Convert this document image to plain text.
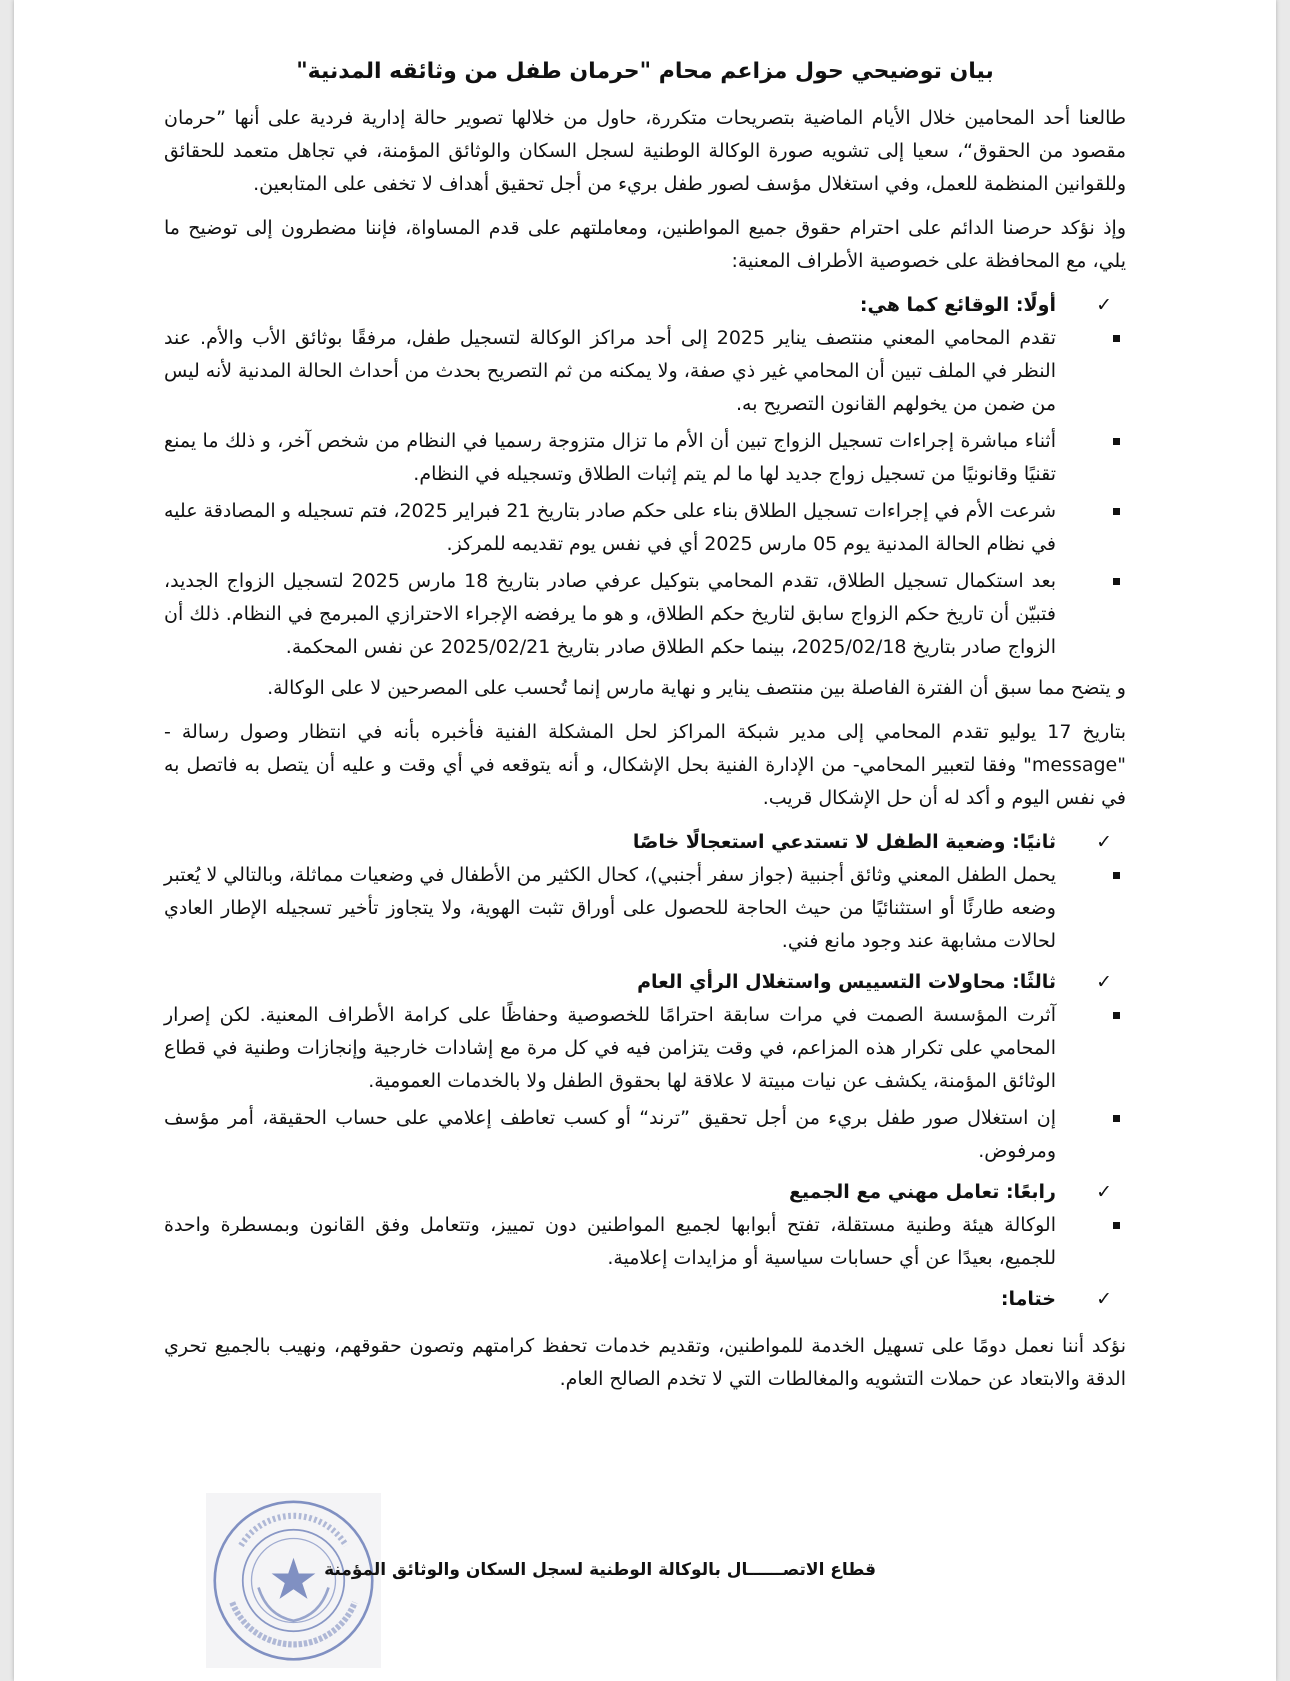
بيان توضيحي حول مزاعم محام "حرمان طفل من وثائقه المدنية"

طالعنا أحد المحامين خلال الأيام الماضية بتصريحات متكررة، حاول من خلالها تصوير حالة إدارية فردية على أنها ”حرمان مقصود من الحقوق“، سعيا إلى تشويه صورة الوكالة الوطنية لسجل السكان والوثائق المؤمنة، في تجاهل متعمد للحقائق وللقوانين المنظمة للعمل، وفي استغلال مؤسف لصور طفل بريء من أجل تحقيق أهداف لا تخفى على المتابعين.

وإذ نؤكد حرصنا الدائم على احترام حقوق جميع المواطنين، ومعاملتهم على قدم المساواة، فإننا مضطرون إلى توضيح ما يلي، مع المحافظة على خصوصية الأطراف المعنية:

✓
أولًا: الوقائع كما هي:
تقدم المحامي المعني منتصف يناير 2025 إلى أحد مراكز الوكالة لتسجيل طفل، مرفقًا بوثائق الأب والأم. عند النظر في الملف تبين أن المحامي غير ذي صفة، ولا يمكنه من ثم التصريح بحدث من أحداث الحالة المدنية لأنه ليس من ضمن من يخولهم القانون التصريح به.
أثناء مباشرة إجراءات تسجيل الزواج تبين أن الأم ما تزال متزوجة رسميا في النظام من شخص آخر، و ذلك ما يمنع تقنيًا وقانونيًا من تسجيل زواج جديد لها ما لم يتم إثبات الطلاق وتسجيله في النظام.
شرعت الأم في إجراءات تسجيل الطلاق بناء على حكم صادر بتاريخ 21 فبراير 2025، فتم تسجيله و المصادقة عليه في نظام الحالة المدنية يوم 05 مارس 2025 أي في نفس يوم تقديمه للمركز.
بعد استكمال تسجيل الطلاق، تقدم المحامي بتوكيل عرفي صادر بتاريخ 18 مارس 2025 لتسجيل الزواج الجديد، فتبيّن أن تاريخ حكم الزواج سابق لتاريخ حكم الطلاق، و هو ما يرفضه الإجراء الاحترازي المبرمج في النظام. ذلك أن الزواج صادر بتاريخ 2025/02/18، بينما حكم الطلاق صادر بتاريخ 2025/02/21 عن نفس المحكمة.

و يتضح مما سبق أن الفترة الفاصلة بين منتصف يناير و نهاية مارس إنما تُحسب على المصرحين لا على الوكالة.

بتاريخ 17 يوليو تقدم المحامي إلى مدير شبكة المراكز لحل المشكلة الفنية فأخبره بأنه في انتظار وصول رسالة - "message" وفقا لتعبير المحامي- من الإدارة الفنية بحل الإشكال، و أنه يتوقعه في أي وقت و عليه أن يتصل به فاتصل به في نفس اليوم و أكد له أن حل الإشكال قريب.

✓
ثانيًا: وضعية الطفل لا تستدعي استعجالًا خاصًا
يحمل الطفل المعني وثائق أجنبية (جواز سفر أجنبي)، كحال الكثير من الأطفال في وضعيات مماثلة، وبالتالي لا يُعتبر وضعه طارئًا أو استثنائيًا من حيث الحاجة للحصول على أوراق تثبت الهوية، ولا يتجاوز تأخير تسجيله الإطار العادي لحالات مشابهة عند وجود مانع فني.
✓
ثالثًا: محاولات التسييس واستغلال الرأي العام
آثرت المؤسسة الصمت في مرات سابقة احترامًا للخصوصية وحفاظًا على كرامة الأطراف المعنية. لكن إصرار المحامي على تكرار هذه المزاعم، في وقت يتزامن فيه في كل مرة مع إشادات خارجية وإنجازات وطنية في قطاع الوثائق المؤمنة، يكشف عن نيات مبيتة لا علاقة لها بحقوق الطفل ولا بالخدمات العمومية.
إن استغلال صور طفل بريء من أجل تحقيق ”ترند“ أو كسب تعاطف إعلامي على حساب الحقيقة، أمر مؤسف ومرفوض.
✓
رابعًا: تعامل مهني مع الجميع
الوكالة هيئة وطنية مستقلة، تفتح أبوابها لجميع المواطنين دون تمييز، وتتعامل وفق القانون وبمسطرة واحدة للجميع، بعيدًا عن أي حسابات سياسية أو مزايدات إعلامية.
✓
ختاما:

نؤكد أننا نعمل دومًا على تسهيل الخدمة للمواطنين، وتقديم خدمات تحفظ كرامتهم وتصون حقوقهم، ونهيب بالجميع تحري الدقة والابتعاد عن حملات التشويه والمغالطات التي لا تخدم الصالح العام.

قطاع الاتصــــــال بالوكالة الوطنية لسجل السكان والوثائق المؤمنة
